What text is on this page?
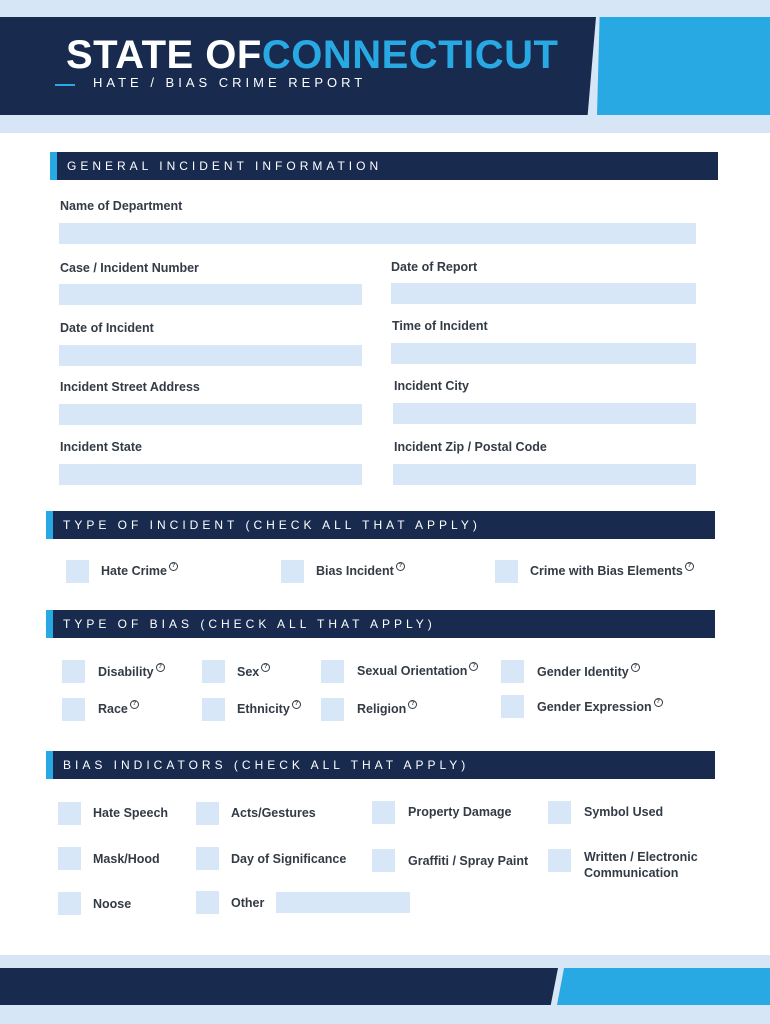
STATE OFCONNECTICUT
HATE / BIAS CRIME REPORT
GENERAL INCIDENT INFORMATION
Name of Department
Case / Incident Number	Date of Report
Date of Incident	Time of Incident
Incident Street Address	Incident City
Incident State	Incident Zip / Postal Code
TYPE OF INCIDENT (CHECK ALL THAT APPLY)
Hate Crime ?	Bias Incident ?	Crime with Bias Elements ?
TYPE OF BIAS (CHECK ALL THAT APPLY)
Disability ?	Sex ?	Sexual Orientation ?	Gender Identity ?
Race ?	Ethnicity ?	Religion ?	Gender Expression ?
BIAS INDICATORS (CHECK ALL THAT APPLY)
Hate Speech	Acts/Gestures	Property Damage	Symbol Used
Mask/Hood	Day of Significance	Graffiti / Spray Paint	Written / Electronic
Communication
Noose	Other
